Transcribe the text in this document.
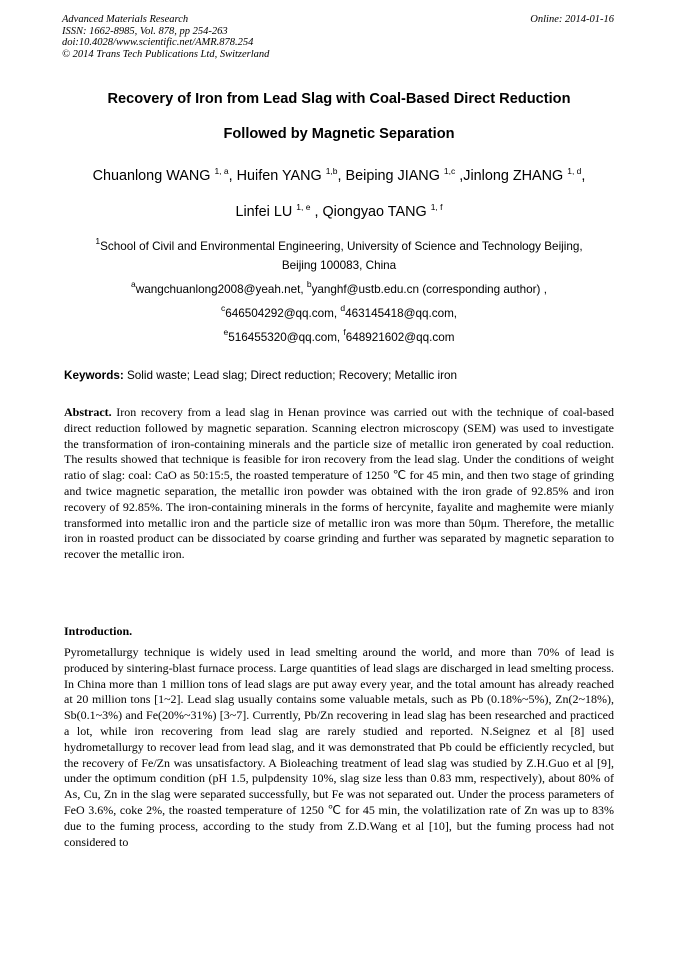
Advanced Materials Research
ISSN: 1662-8985, Vol. 878, pp 254-263
doi:10.4028/www.scientific.net/AMR.878.254
© 2014 Trans Tech Publications Ltd, Switzerland
Online: 2014-01-16
Recovery of Iron from Lead Slag with Coal-Based Direct Reduction
Followed by Magnetic Separation
Chuanlong WANG $^{1, a}$, Huifen YANG $^{1,b}$, Beiping JIANG $^{1,c}$ ,Jinlong ZHANG $^{1, d}$,
Linfei LU $^{1, e}$ , Qiongyao TANG $^{1, f}$
$^1$School of Civil and Environmental Engineering, University of Science and Technology Beijing,
Beijing 100083, China
$^a$wangchuanlong2008@yeah.net, $^b$yanghf@ustb.edu.cn (corresponding author) ,
$^c$646504292@qq.com, $^d$463145418@qq.com,
$^e$516455320@qq.com, $^f$648921602@qq.com
Keywords: Solid waste; Lead slag; Direct reduction; Recovery; Metallic iron
Abstract. Iron recovery from a lead slag in Henan province was carried out with the technique of coal-based direct reduction followed by magnetic separation. Scanning electron microscopy (SEM) was used to investigate the transformation of iron-containing minerals and the particle size of metallic iron generated by coal reduction. The results showed that technique is feasible for iron recovery from the lead slag. Under the conditions of weight ratio of slag: coal: CaO as 50:15:5, the roasted temperature of 1250 ℃ for 45 min, and then two stage of grinding and twice magnetic separation, the metallic iron powder was obtained with the iron grade of 92.85% and iron recovery of 92.85%. The iron-containing minerals in the forms of hercynite, fayalite and maghemite were mianly transformed into metallic iron and the particle size of metallic iron was more than 50μm. Therefore, the metallic iron in roasted product can be dissociated by coarse grinding and further was separated by magnetic separation to recover the metallic iron.
Introduction.
Pyrometallurgy technique is widely used in lead smelting around the world, and more than 70% of lead is produced by sintering-blast furnace process. Large quantities of lead slags are discharged in lead smelting process. In China more than 1 million tons of lead slags are put away every year, and the total amount has already reached at 20 million tons [1~2]. Lead slag usually contains some valuable metals, such as Pb (0.18%~5%), Zn(2~18%), Sb(0.1~3%) and Fe(20%~31%) [3~7]. Currently, Pb/Zn recovering in lead slag has been researched and practiced a lot, while iron recovering from lead slag are rarely studied and reported. N.Seignez et al [8] used hydrometallurgy to recover lead from lead slag, and it was demonstrated that Pb could be efficiently recycled, but the recovery of Fe/Zn was unsatisfactory. A Bioleaching treatment of lead slag was studied by Z.H.Guo et al [9], under the optimum condition (pH 1.5, pulpdensity 10%, slag size less than 0.83 mm, respectively), about 80% of As, Cu, Zn in the slag were separated successfully, but Fe was not separated out. Under the process parameters of FeO 3.6%, coke 2%, the roasted temperature of 1250 ℃ for 45 min, the volatilization rate of Zn was up to 83% due to the fuming process, according to the study from Z.D.Wang et al [10], but the fuming process had not considered to
